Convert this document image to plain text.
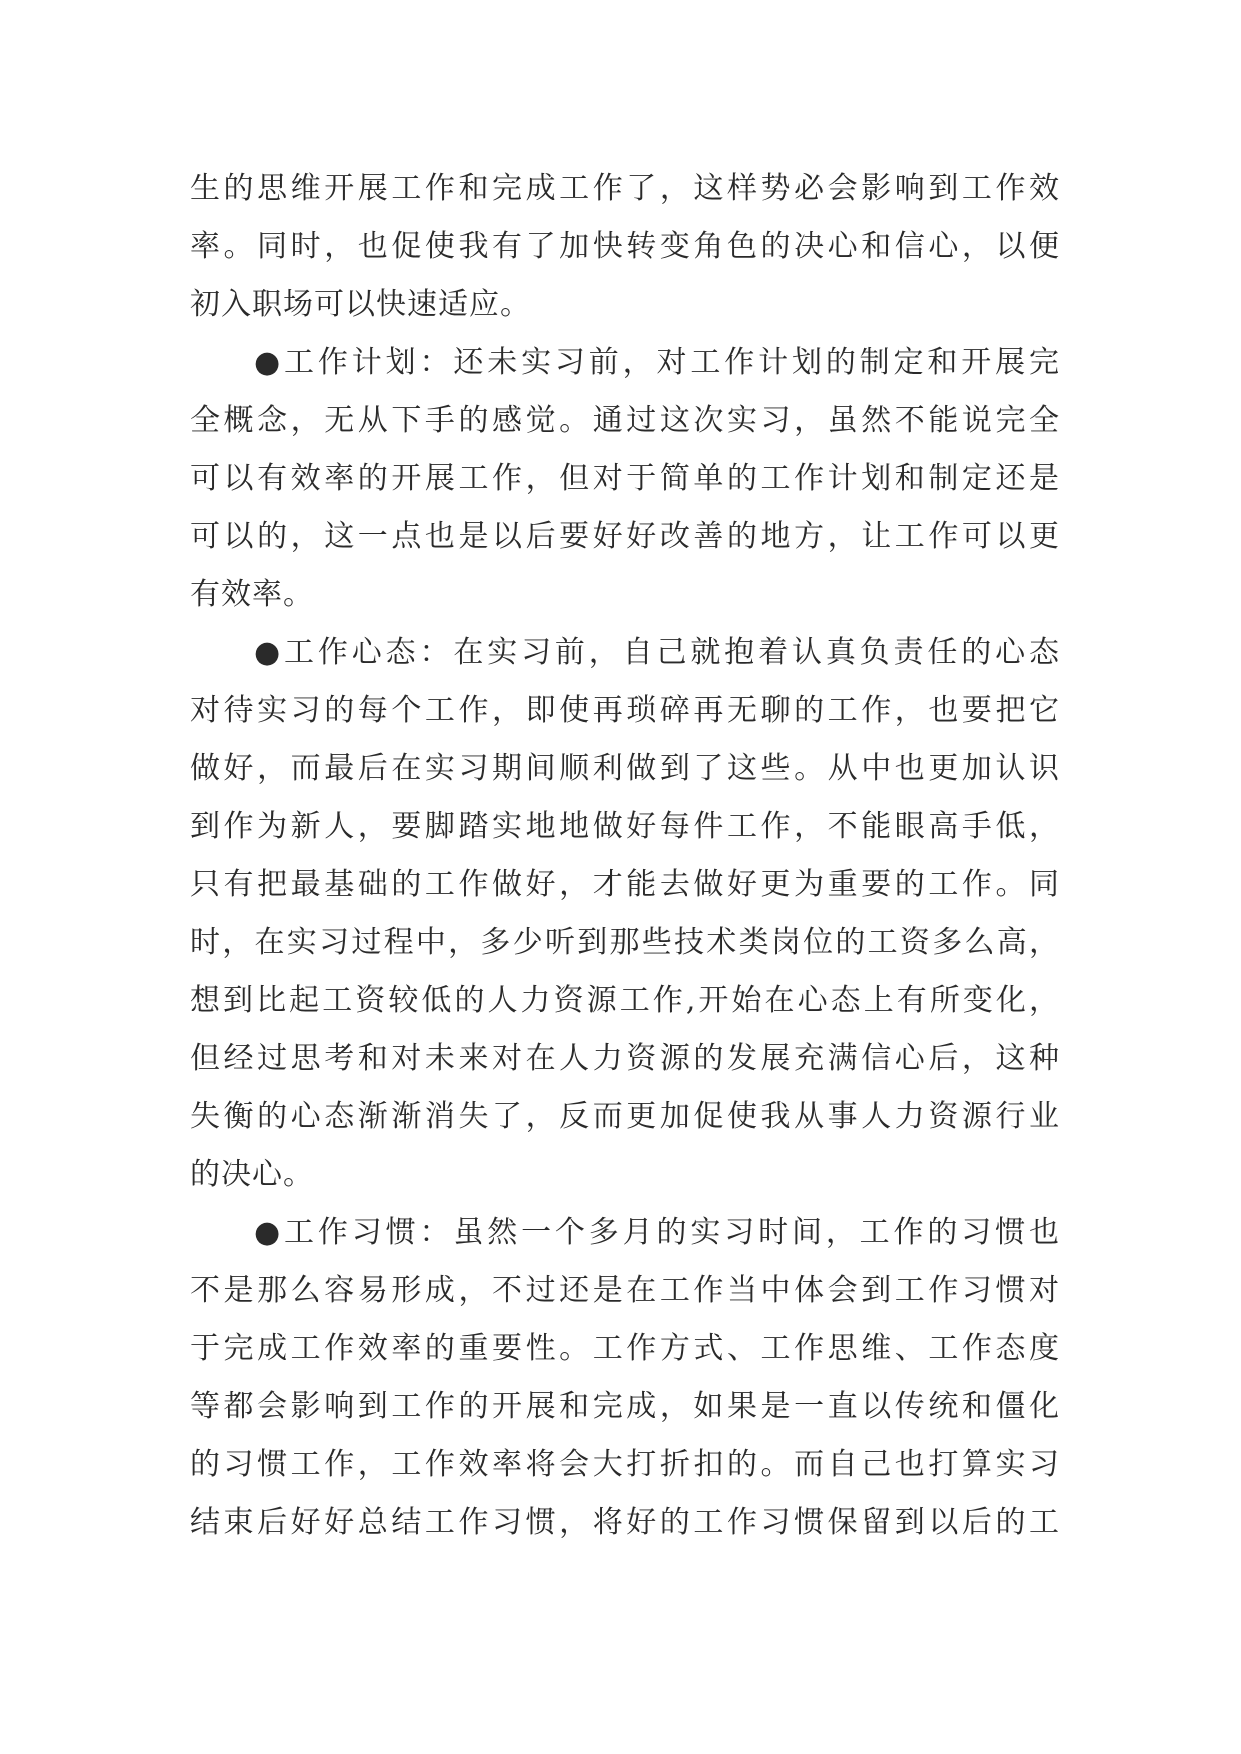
生的思维开展工作和完成工作了，这样势必会影响到工作效
率。同时，也促使我有了加快转变角色的决心和信心，以便
初入职场可以快速适应。
●工作计划：还未实习前，对工作计划的制定和开展完
全概念，无从下手的感觉。通过这次实习，虽然不能说完全
可以有效率的开展工作，但对于简单的工作计划和制定还是
可以的，这一点也是以后要好好改善的地方，让工作可以更
有效率。
●工作心态：在实习前，自己就抱着认真负责任的心态
对待实习的每个工作，即使再琐碎再无聊的工作，也要把它
做好，而最后在实习期间顺利做到了这些。从中也更加认识
到作为新人，要脚踏实地地做好每件工作，不能眼高手低，
只有把最基础的工作做好，才能去做好更为重要的工作。同
时，在实习过程中，多少听到那些技术类岗位的工资多么高，
想到比起工资较低的人力资源工作,开始在心态上有所变化，
但经过思考和对未来对在人力资源的发展充满信心后，这种
失衡的心态渐渐消失了，反而更加促使我从事人力资源行业
的决心。
●工作习惯：虽然一个多月的实习时间，工作的习惯也
不是那么容易形成，不过还是在工作当中体会到工作习惯对
于完成工作效率的重要性。工作方式、工作思维、工作态度
等都会影响到工作的开展和完成，如果是一直以传统和僵化
的习惯工作，工作效率将会大打折扣的。而自己也打算实习
结束后好好总结工作习惯，将好的工作习惯保留到以后的工
